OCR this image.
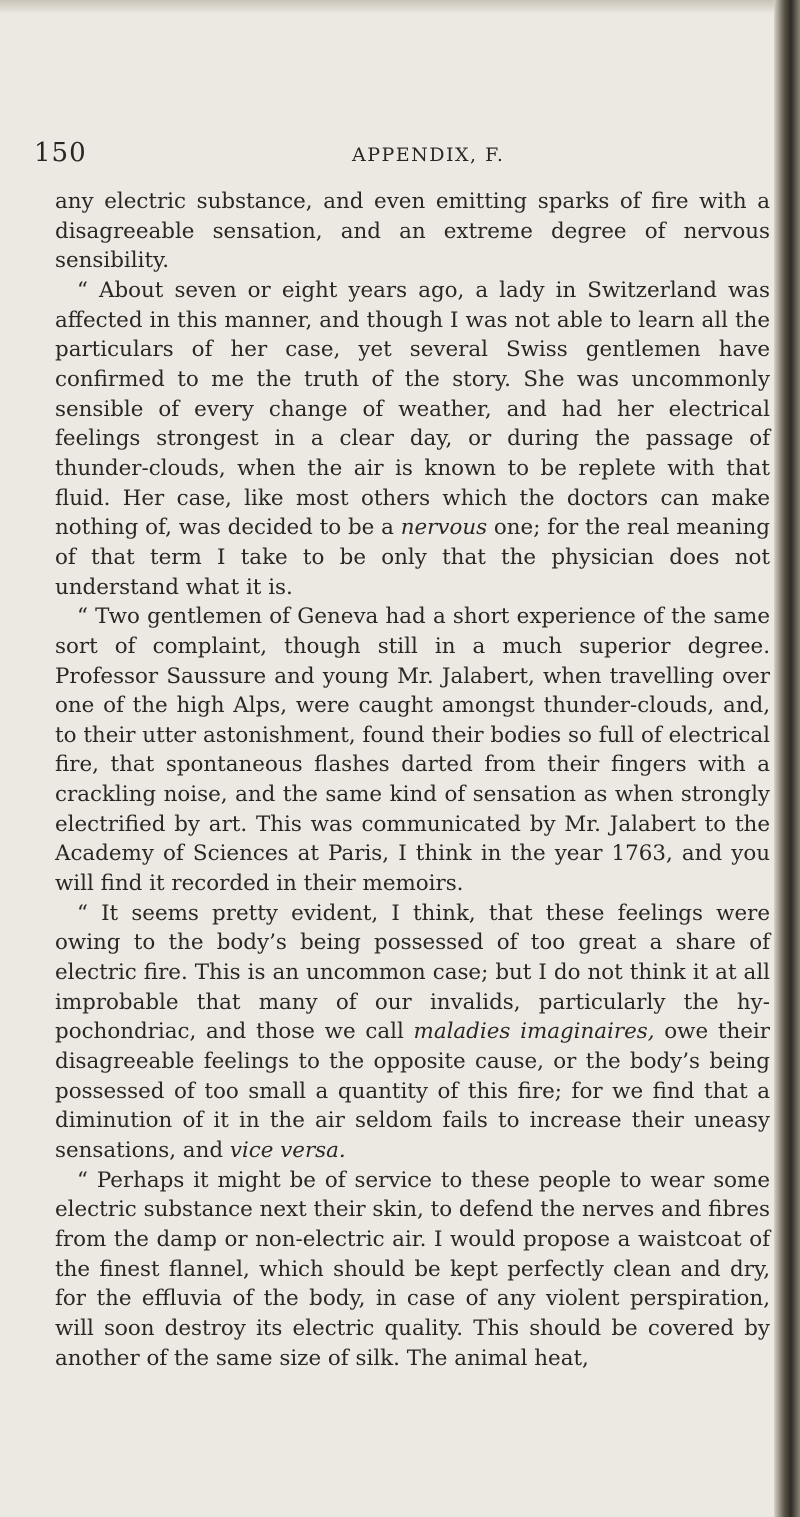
150	APPENDIX, F.

any electric substance, and even emitting sparks of fire with a disagreeable sensation, and an extreme degree of nervous sensibility.

“ About seven or eight years ago, a lady in Switzerland was affected in this manner, and though I was not able to learn all the particulars of her case, yet several Swiss gentlemen have confirmed to me the truth of the story. She was uncommonly sensible of every change of weather, and had her electrical feelings strongest in a clear day, or during the passage of thunder-clouds, when the air is known to be replete with that fluid. Her case, like most others which the doctors can make nothing of, was decided to be a nervous one; for the real meaning of that term I take to be only that the physician does not understand what it is.

“ Two gentlemen of Geneva had a short experience of the same sort of complaint, though still in a much superior degree. Professor Saussure and young Mr. Jalabert, when travelling over one of the high Alps, were caught amongst thunder-clouds, and, to their utter astonishment, found their bodies so full of electrical fire, that spontaneous flashes darted from their fingers with a crackling noise, and the same kind of sensation as when strongly electrified by art. This was communicated by Mr. Jalabert to the Academy of Sciences at Paris, I think in the year 1763, and you will find it recorded in their memoirs.

“ It seems pretty evident, I think, that these feelings were owing to the body’s being possessed of too great a share of electric fire. This is an uncommon case; but I do not think it at all improbable that many of our invalids, particularly the hypochondriac, and those we call maladies imaginaires, owe their disagreeable feelings to the opposite cause, or the body’s being possessed of too small a quantity of this fire; for we find that a diminution of it in the air seldom fails to increase their uneasy sensations, and vice versa.

“ Perhaps it might be of service to these people to wear some electric substance next their skin, to defend the nerves and fibres from the damp or non-electric air. I would propose a waistcoat of the finest flannel, which should be kept perfectly clean and dry, for the effluvia of the body, in case of any violent perspiration, will soon destroy its electric quality. This should be covered by another of the same size of silk. The animal heat,
